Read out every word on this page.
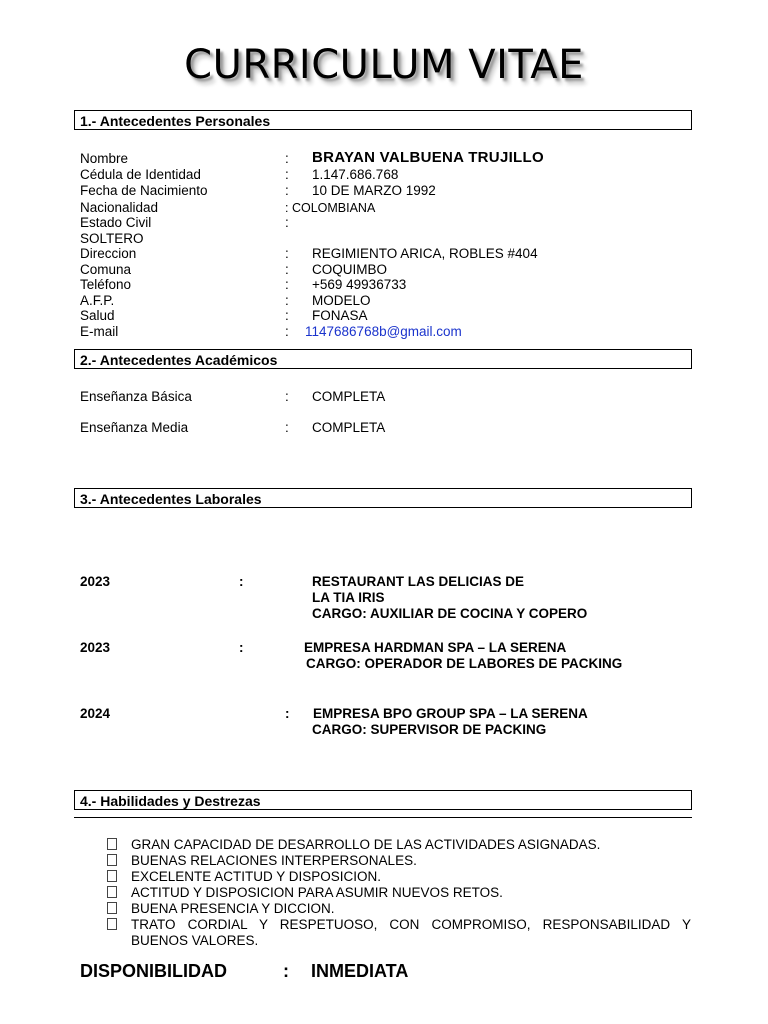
CURRICULUM VITAE
1.- Antecedentes Personales
Nombre	: BRAYAN VALBUENA TRUJILLO
Cédula de Identidad	: 1.147.686.768
Fecha de Nacimiento	: 10 DE MARZO 1992
Nacionalidad	: COLOMBIANA
Estado Civil	:
SOLTERO
Direccion	: REGIMIENTO ARICA, ROBLES #404
Comuna	: COQUIMBO
Teléfono	: +569 49936733
A.F.P.	: MODELO
Salud	: FONASA
E-mail	: 1147686768b@gmail.com
2.- Antecedentes Académicos
Enseñanza Básica	: COMPLETA
Enseñanza Media	: COMPLETA
3.- Antecedentes Laborales
2023	:	RESTAURANT LAS DELICIAS DE
LA TIA IRIS
CARGO: AUXILIAR DE COCINA Y COPERO
2023	:	EMPRESA HARDMAN SPA – LA SERENA
CARGO: OPERADOR DE LABORES DE PACKING
2024	: EMPRESA BPO GROUP SPA – LA SERENA
CARGO: SUPERVISOR DE PACKING
4.- Habilidades y Destrezas
GRAN CAPACIDAD DE DESARROLLO DE LAS ACTIVIDADES ASIGNADAS.
BUENAS RELACIONES INTERPERSONALES.
EXCELENTE ACTITUD Y DISPOSICION.
ACTITUD Y DISPOSICION PARA ASUMIR NUEVOS RETOS.
BUENA PRESENCIA Y DICCION.
TRATO CORDIAL Y RESPETUOSO, CON COMPROMISO, RESPONSABILIDAD Y BUENOS VALORES.
DISPONIBILIDAD	: INMEDIATA
